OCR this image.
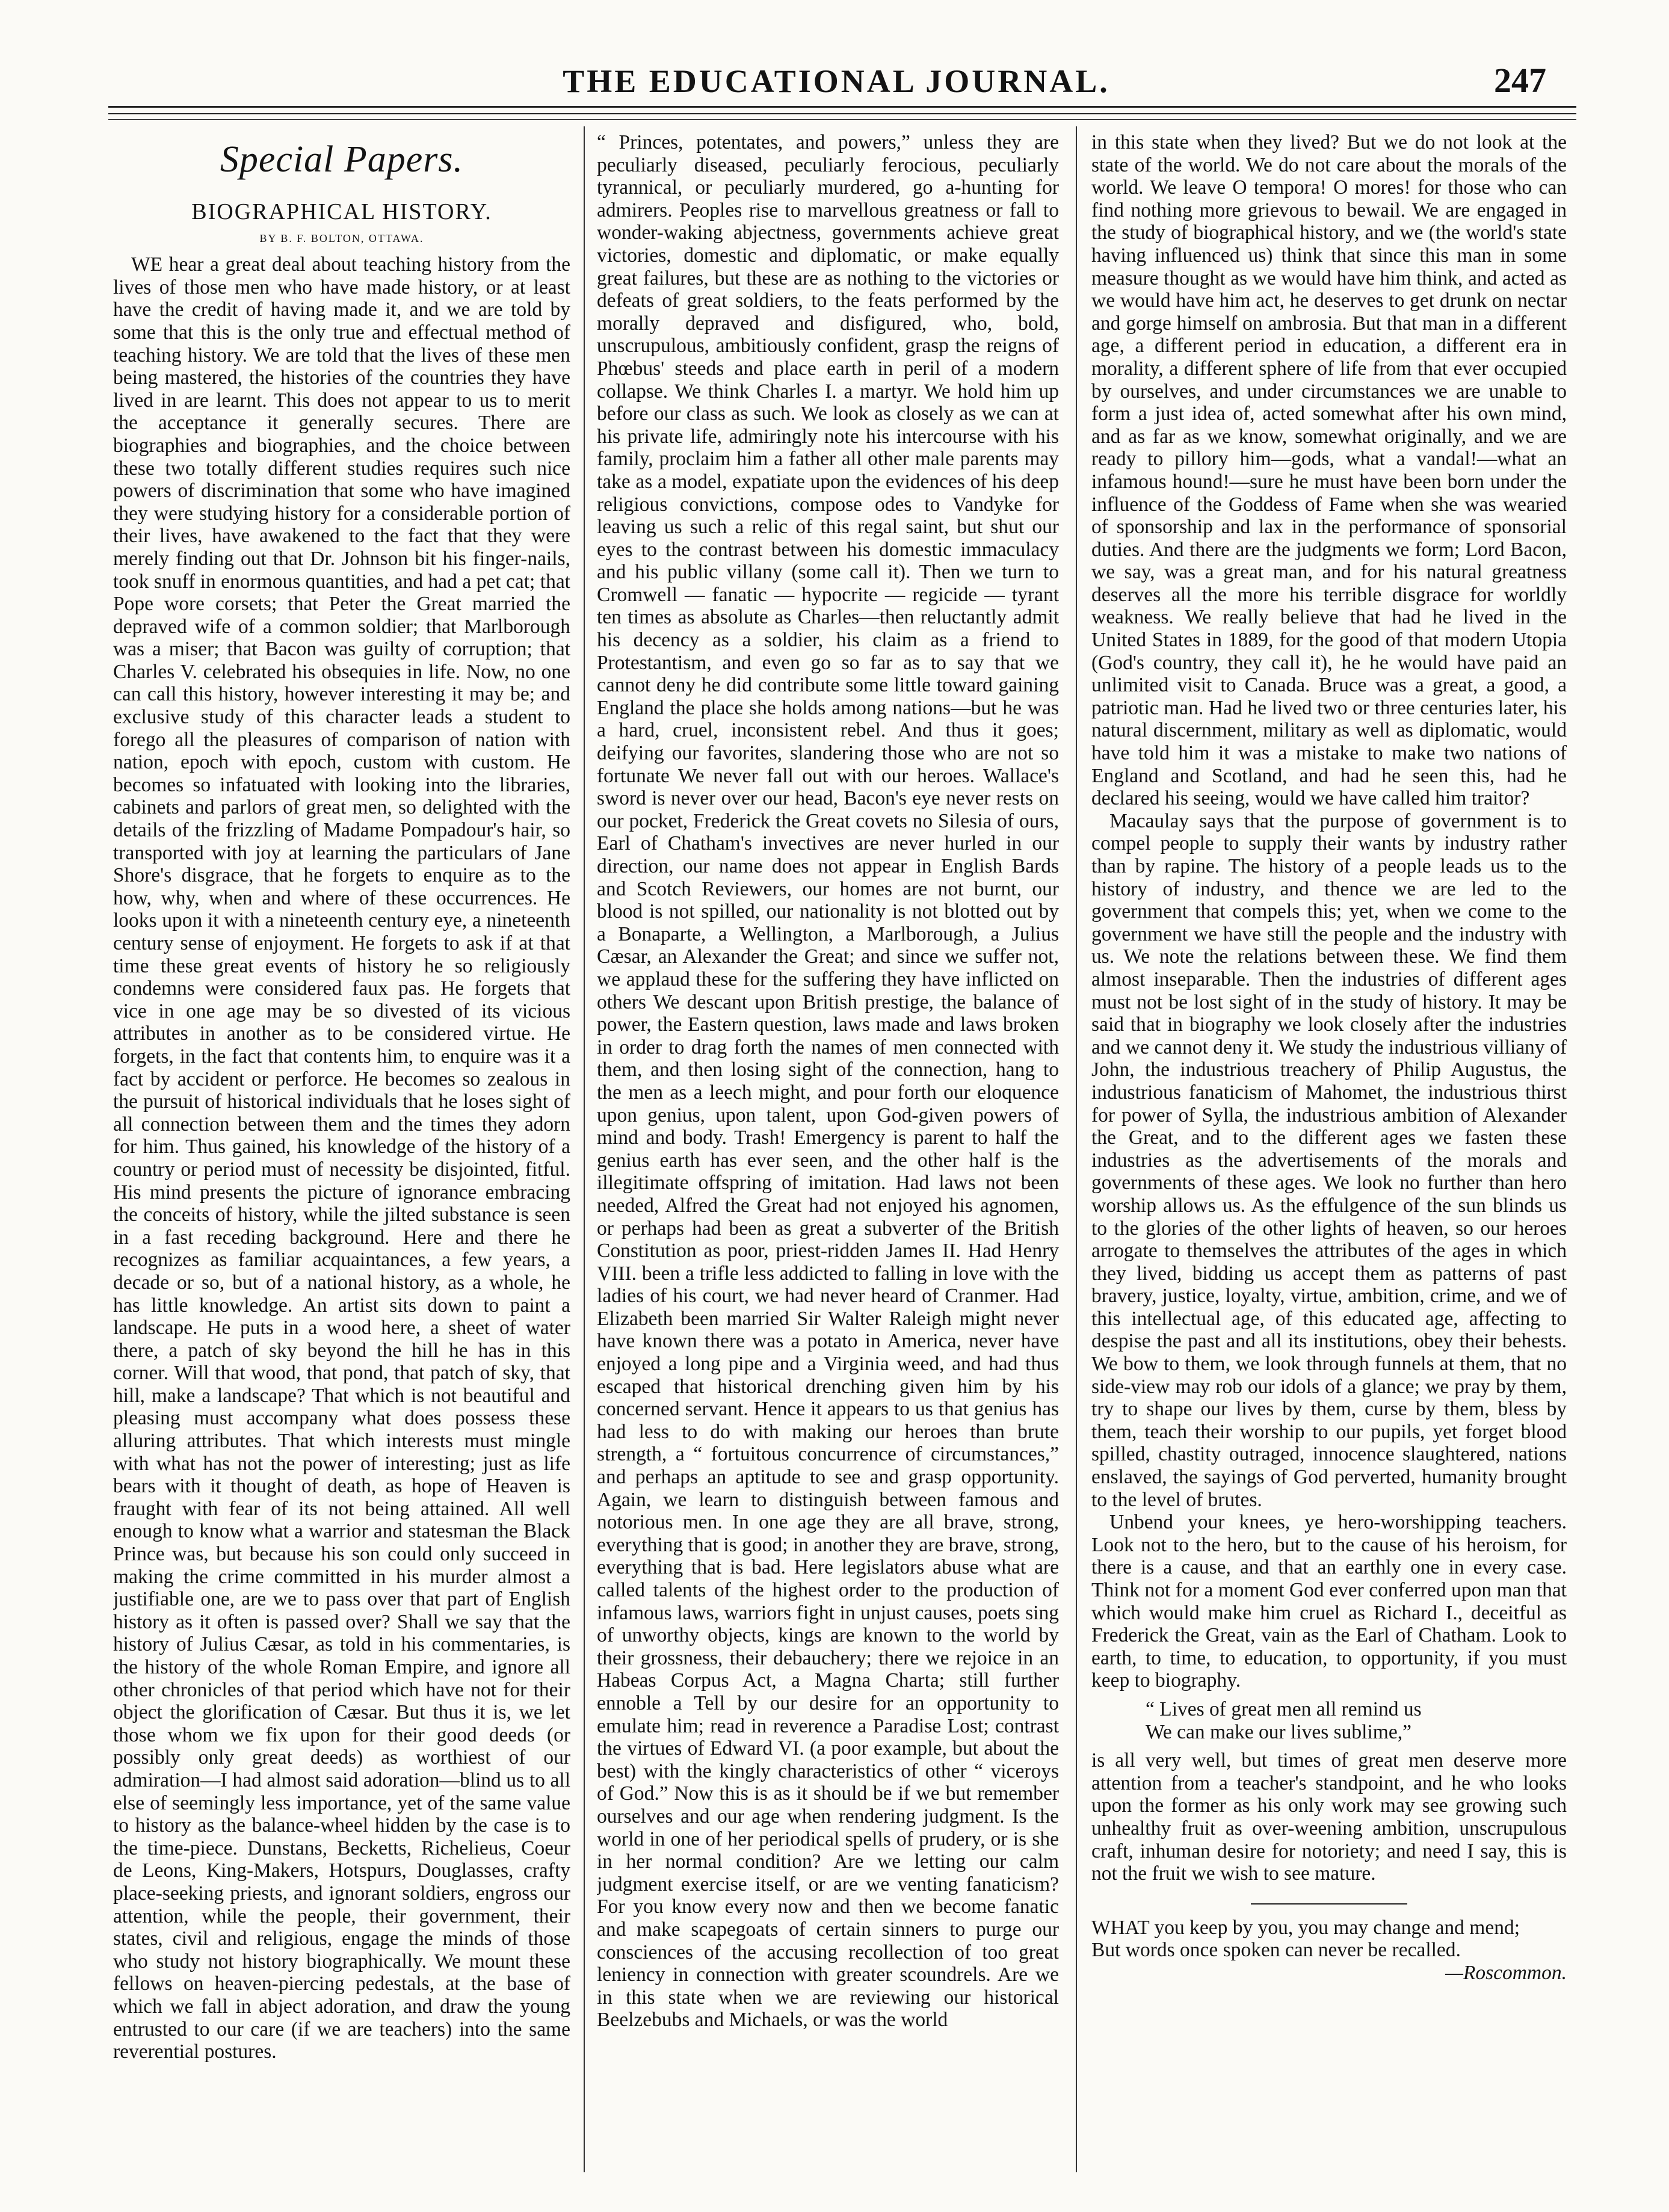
THE EDUCATIONAL JOURNAL.	247
Special Papers.
BIOGRAPHICAL HISTORY.
BY B. F. BOLTON, OTTAWA.

WE hear a great deal about teaching history from the lives of those men who have made history, or at least have the credit of having made it, and we are told by some that this is the only true and effectual method of teaching history. We are told that the lives of these men being mastered, the histories of the countries they have lived in are learnt. This does not appear to us to merit the acceptance it generally secures. There are biographies and biographies, and the choice between these two totally different studies requires such nice powers of discrimination that some who have imagined they were studying history for a considerable portion of their lives, have awakened to the fact that they were merely finding out that Dr. Johnson bit his finger-nails, took snuff in enormous quantities, and had a pet cat; that Pope wore corsets; that Peter the Great married the depraved wife of a common soldier; that Marlborough was a miser; that Bacon was guilty of corruption; that Charles V. celebrated his obsequies in life. Now, no one can call this history, however interesting it may be; and exclusive study of this character leads a student to forego all the pleasures of comparison of nation with nation, epoch with epoch, custom with custom. He becomes so infatuated with looking into the libraries, cabinets and parlors of great men, so delighted with the details of the frizzling of Madame Pompadour's hair, so transported with joy at learning the particulars of Jane Shore's disgrace, that he forgets to enquire as to the how, why, when and where of these occurrences. He looks upon it with a nineteenth century eye, a nineteenth century sense of enjoyment. He forgets to ask if at that time these great events of history he so religiously condemns were considered faux pas. He forgets that vice in one age may be so divested of its vicious attributes in another as to be considered virtue. He forgets, in the fact that contents him, to enquire was it a fact by accident or perforce. He becomes so zealous in the pursuit of historical individuals that he loses sight of all connection between them and the times they adorn for him. Thus gained, his knowledge of the history of a country or period must of necessity be disjointed, fitful. His mind presents the picture of ignorance embracing the conceits of history, while the jilted substance is seen in a fast receding background. Here and there he recognizes as familiar acquaintances, a few years, a decade or so, but of a national history, as a whole, he has little knowledge. An artist sits down to paint a landscape. He puts in a wood here, a sheet of water there, a patch of sky beyond the hill he has in this corner. Will that wood, that pond, that patch of sky, that hill, make a landscape? That which is not beautiful and pleasing must accompany what does possess these alluring attributes. That which interests must mingle with what has not the power of interesting; just as life bears with it thought of death, as hope of Heaven is fraught with fear of its not being attained. All well enough to know what a warrior and statesman the Black Prince was, but because his son could only succeed in making the crime committed in his murder almost a justifiable one, are we to pass over that part of English history as it often is passed over? Shall we say that the history of Julius Cæsar, as told in his commentaries, is the history of the whole Roman Empire, and ignore all other chronicles of that period which have not for their object the glorification of Cæsar. But thus it is, we let those whom we fix upon for their good deeds (or possibly only great deeds) as worthiest of our admiration—I had almost said adoration—blind us to all else of seemingly less importance, yet of the same value to history as the balance-wheel hidden by the case is to the time-piece. Dunstans, Becketts, Richelieus, Coeur de Leons, King-Makers, Hotspurs, Douglasses, crafty place-seeking priests, and ignorant soldiers, engross our attention, while the people, their government, their states, civil and religious, engage the minds of those who study not history biographically. We mount these fellows on heaven-piercing pedestals, at the base of which we fall in abject adoration, and draw the young entrusted to our care (if we are teachers) into the same reverential postures.

“ Princes, potentates, and powers,” unless they are peculiarly diseased, peculiarly ferocious, peculiarly tyrannical, or peculiarly murdered, go a-hunting for admirers. Peoples rise to marvellous greatness or fall to wonder-waking abjectness, governments achieve great victories, domestic and diplomatic, or make equally great failures, but these are as nothing to the victories or defeats of great soldiers, to the feats performed by the morally depraved and disfigured, who, bold, unscrupulous, ambitiously confident, grasp the reigns of Phœbus' steeds and place earth in peril of a modern collapse. We think Charles I. a martyr. We hold him up before our class as such. We look as closely as we can at his private life, admiringly note his intercourse with his family, proclaim him a father all other male parents may take as a model, expatiate upon the evidences of his deep religious convictions, compose odes to Vandyke for leaving us such a relic of this regal saint, but shut our eyes to the contrast between his domestic immaculacy and his public villany (some call it). Then we turn to Cromwell — fanatic — hypocrite — regicide — tyrant ten times as absolute as Charles—then reluctantly admit his decency as a soldier, his claim as a friend to Protestantism, and even go so far as to say that we cannot deny he did contribute some little toward gaining England the place she holds among nations—but he was a hard, cruel, inconsistent rebel. And thus it goes; deifying our favorites, slandering those who are not so fortunate We never fall out with our heroes. Wallace's sword is never over our head, Bacon's eye never rests on our pocket, Frederick the Great covets no Silesia of ours, Earl of Chatham's invectives are never hurled in our direction, our name does not appear in English Bards and Scotch Reviewers, our homes are not burnt, our blood is not spilled, our nationality is not blotted out by a Bonaparte, a Wellington, a Marlborough, a Julius Cæsar, an Alexander the Great; and since we suffer not, we applaud these for the suffering they have inflicted on others We descant upon British prestige, the balance of power, the Eastern question, laws made and laws broken in order to drag forth the names of men connected with them, and then losing sight of the connection, hang to the men as a leech might, and pour forth our eloquence upon genius, upon talent, upon God-given powers of mind and body. Trash! Emergency is parent to half the genius earth has ever seen, and the other half is the illegitimate offspring of imitation. Had laws not been needed, Alfred the Great had not enjoyed his agnomen, or perhaps had been as great a subverter of the British Constitution as poor, priest-ridden James II. Had Henry VIII. been a trifle less addicted to falling in love with the ladies of his court, we had never heard of Cranmer. Had Elizabeth been married Sir Walter Raleigh might never have known there was a potato in America, never have enjoyed a long pipe and a Virginia weed, and had thus escaped that historical drenching given him by his concerned servant. Hence it appears to us that genius has had less to do with making our heroes than brute strength, a “ fortuitous concurrence of circumstances,” and perhaps an aptitude to see and grasp opportunity. Again, we learn to distinguish between famous and notorious men. In one age they are all brave, strong, everything that is good; in another they are brave, strong, everything that is bad. Here legislators abuse what are called talents of the highest order to the production of infamous laws, warriors fight in unjust causes, poets sing of unworthy objects, kings are known to the world by their grossness, their debauchery; there we rejoice in an Habeas Corpus Act, a Magna Charta; still further ennoble a Tell by our desire for an opportunity to emulate him; read in reverence a Paradise Lost; contrast the virtues of Edward VI. (a poor example, but about the best) with the kingly characteristics of other “ viceroys of God.” Now this is as it should be if we but remember ourselves and our age when rendering judgment. Is the world in one of her periodical spells of prudery, or is she in her normal condition? Are we letting our calm judgment exercise itself, or are we venting fanaticism? For you know every now and then we become fanatic and make scapegoats of certain sinners to purge our consciences of the accusing recollection of too great leniency in connection with greater scoundrels. Are we in this state when we are reviewing our historical Beelzebubs and Michaels, or was the world

in this state when they lived? But we do not look at the state of the world. We do not care about the morals of the world. We leave O tempora! O mores! for those who can find nothing more grievous to bewail. We are engaged in the study of biographical history, and we (the world's state having influenced us) think that since this man in some measure thought as we would have him think, and acted as we would have him act, he deserves to get drunk on nectar and gorge himself on ambrosia. But that man in a different age, a different period in education, a different era in morality, a different sphere of life from that ever occupied by ourselves, and under circumstances we are unable to form a just idea of, acted somewhat after his own mind, and as far as we know, somewhat originally, and we are ready to pillory him—gods, what a vandal!—what an infamous hound!—sure he must have been born under the influence of the Goddess of Fame when she was wearied of sponsorship and lax in the performance of sponsorial duties. And there are the judgments we form; Lord Bacon, we say, was a great man, and for his natural greatness deserves all the more his terrible disgrace for worldly weakness. We really believe that had he lived in the United States in 1889, for the good of that modern Utopia (God's country, they call it), he he would have paid an unlimited visit to Canada. Bruce was a great, a good, a patriotic man. Had he lived two or three centuries later, his natural discernment, military as well as diplomatic, would have told him it was a mistake to make two nations of England and Scotland, and had he seen this, had he declared his seeing, would we have called him traitor?

Macaulay says that the purpose of government is to compel people to supply their wants by industry rather than by rapine. The history of a people leads us to the history of industry, and thence we are led to the government that compels this; yet, when we come to the government we have still the people and the industry with us. We note the relations between these. We find them almost inseparable. Then the industries of different ages must not be lost sight of in the study of history. It may be said that in biography we look closely after the industries and we cannot deny it. We study the industrious villiany of John, the industrious treachery of Philip Augustus, the industrious fanaticism of Mahomet, the industrious thirst for power of Sylla, the industrious ambition of Alexander the Great, and to the different ages we fasten these industries as the advertisements of the morals and governments of these ages. We look no further than hero worship allows us. As the effulgence of the sun blinds us to the glories of the other lights of heaven, so our heroes arrogate to themselves the attributes of the ages in which they lived, bidding us accept them as patterns of past bravery, justice, loyalty, virtue, ambition, crime, and we of this intellectual age, of this educated age, affecting to despise the past and all its institutions, obey their behests. We bow to them, we look through funnels at them, that no side-view may rob our idols of a glance; we pray by them, try to shape our lives by them, curse by them, bless by them, teach their worship to our pupils, yet forget blood spilled, chastity outraged, innocence slaughtered, nations enslaved, the sayings of God perverted, humanity brought to the level of brutes.

Unbend your knees, ye hero-worshipping teachers. Look not to the hero, but to the cause of his heroism, for there is a cause, and that an earthly one in every case. Think not for a moment God ever conferred upon man that which would make him cruel as Richard I., deceitful as Frederick the Great, vain as the Earl of Chatham. Look to earth, to time, to education, to opportunity, if you must keep to biography.

“ Lives of great men all remind us
We can make our lives sublime,”

is all very well, but times of great men deserve more attention from a teacher's standpoint, and he who looks upon the former as his only work may see growing such unhealthy fruit as over-weening ambition, unscrupulous craft, inhuman desire for notoriety; and need I say, this is not the fruit we wish to see mature.

WHAT you keep by you, you may change and mend;
But words once spoken can never be recalled.
—Roscommon.
